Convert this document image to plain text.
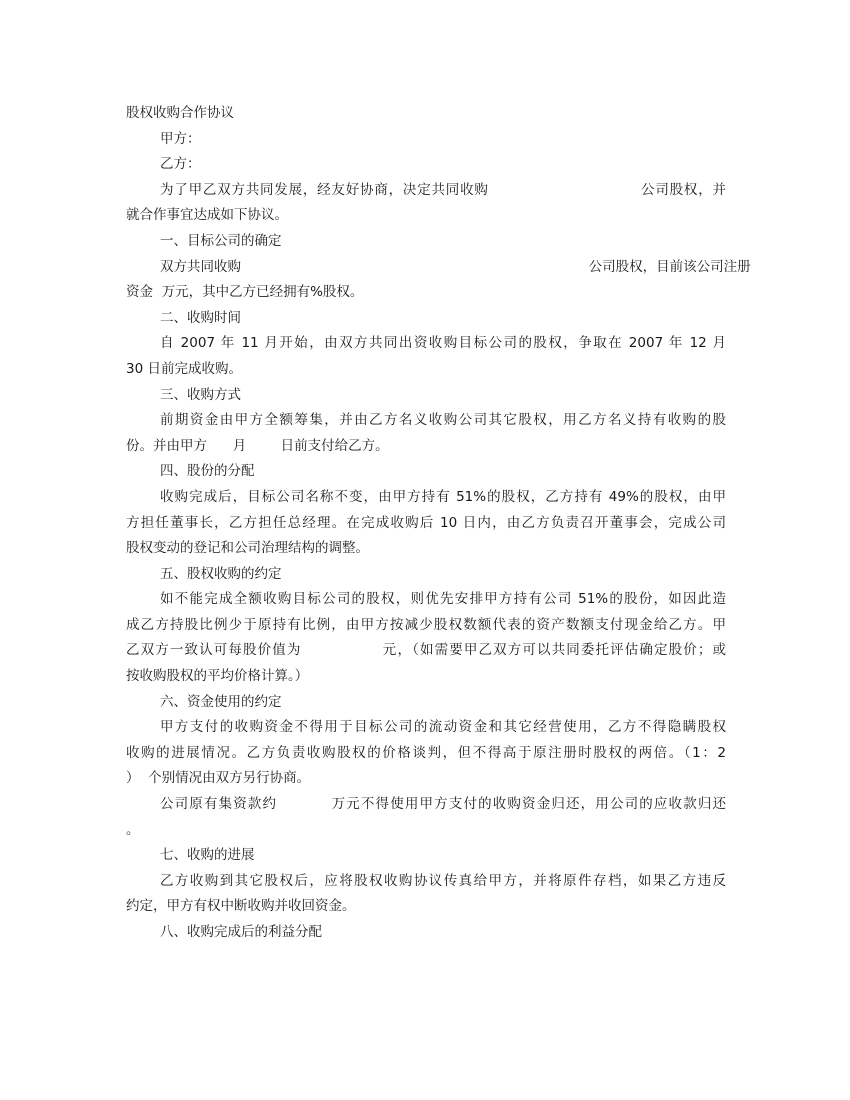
股权收购合作协议
甲方：
乙方：
为了甲乙双方共同发展，经友好协商，决定共同收购                              公司股权，并
就合作事宜达成如下协议。
一、目标公司的确定
双方共同收购                                                                                 公司股权，目前该公司注册
资金  万元，其中乙方已经拥有%股权。
二、收购时间
自 2007 年 11 月开始，由双方共同出资收购目标公司的股权，争取在 2007 年 12 月
30 日前完成收购。
三、收购方式
前期资金由甲方全额筹集，并由乙方名义收购公司其它股权，用乙方名义持有收购的股
份。并由甲方      月        日前支付给乙方。
四、股份的分配
收购完成后，目标公司名称不变，由甲方持有 51%的股权，乙方持有 49%的股权，由甲
方担任董事长，乙方担任总经理。在完成收购后 10 日内，由乙方负责召开董事会，完成公司
股权变动的登记和公司治理结构的调整。
五、股权收购的约定
如不能完成全额收购目标公司的股权，则优先安排甲方持有公司 51%的股份，如因此造
成乙方持股比例少于原持有比例，由甲方按减少股权数额代表的资产数额支付现金给乙方。甲
乙双方一致认可每股价值为               元，（如需要甲乙双方可以共同委托评估确定股价；或
按收购股权的平均价格计算。）
六、资金使用的约定
甲方支付的收购资金不得用于目标公司的流动资金和其它经营使用，乙方不得隐瞒股权
收购的进展情况。乙方负责收购股权的价格谈判，但不得高于原注册时股权的两倍。（1：2
）  个别情况由双方另行协商。
公司原有集资款约          万元不得使用甲方支付的收购资金归还，用公司的应收款归还
。
七、收购的进展
乙方收购到其它股权后，应将股权收购协议传真给甲方，并将原件存档，如果乙方违反
约定，甲方有权中断收购并收回资金。
八、收购完成后的利益分配
